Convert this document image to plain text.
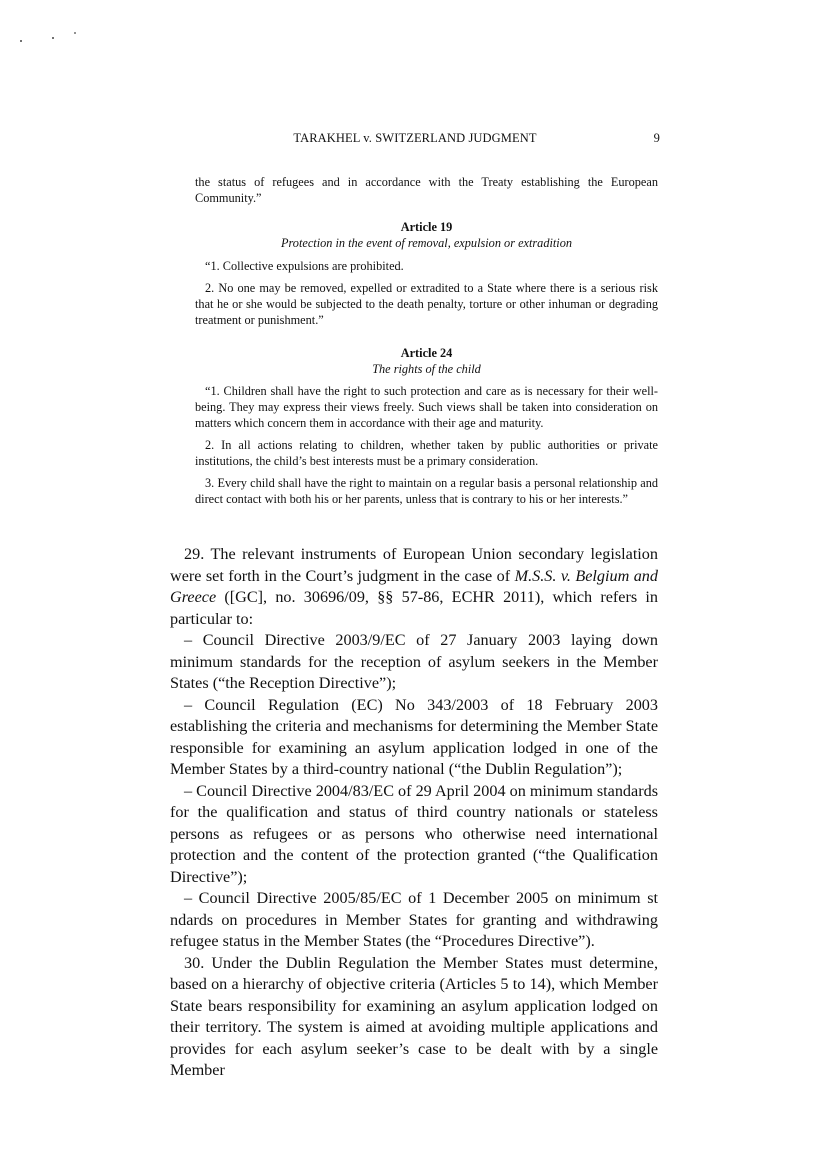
TARAKHEL v. SWITZERLAND JUDGMENT	9

the status of refugees and in accordance with the Treaty establishing the European Community.”

Article 19
Protection in the event of removal, expulsion or extradition

“1. Collective expulsions are prohibited.

2. No one may be removed, expelled or extradited to a State where there is a serious risk that he or she would be subjected to the death penalty, torture or other inhuman or degrading treatment or punishment.”

Article 24
The rights of the child

“1. Children shall have the right to such protection and care as is necessary for their well-being. They may express their views freely. Such views shall be taken into consideration on matters which concern them in accordance with their age and maturity.

2. In all actions relating to children, whether taken by public authorities or private institutions, the child’s best interests must be a primary consideration.

3. Every child shall have the right to maintain on a regular basis a personal relationship and direct contact with both his or her parents, unless that is contrary to his or her interests.”

29. The relevant instruments of European Union secondary legislation were set forth in the Court’s judgment in the case of M.S.S. v. Belgium and Greece ([GC], no. 30696/09, §§ 57-86, ECHR 2011), which refers in particular to:

– Council Directive 2003/9/EC of 27 January 2003 laying down minimum standards for the reception of asylum seekers in the Member States (“the Reception Directive”);

– Council Regulation (EC) No 343/2003 of 18 February 2003 establishing the criteria and mechanisms for determining the Member State responsible for examining an asylum application lodged in one of the Member States by a third-country national (“the Dublin Regulation”);

– Council Directive 2004/83/EC of 29 April 2004 on minimum standards for the qualification and status of third country nationals or stateless persons as refugees or as persons who otherwise need international protection and the content of the protection granted (“the Qualification Directive”);

– Council Directive 2005/85/EC of 1 December 2005 on minimum st ndards on procedures in Member States for granting and withdrawing refugee status in the Member States (the “Procedures Directive”).

30. Under the Dublin Regulation the Member States must determine, based on a hierarchy of objective criteria (Articles 5 to 14), which Member State bears responsibility for examining an asylum application lodged on their territory. The system is aimed at avoiding multiple applications and provides for each asylum seeker’s case to be dealt with by a single Member
